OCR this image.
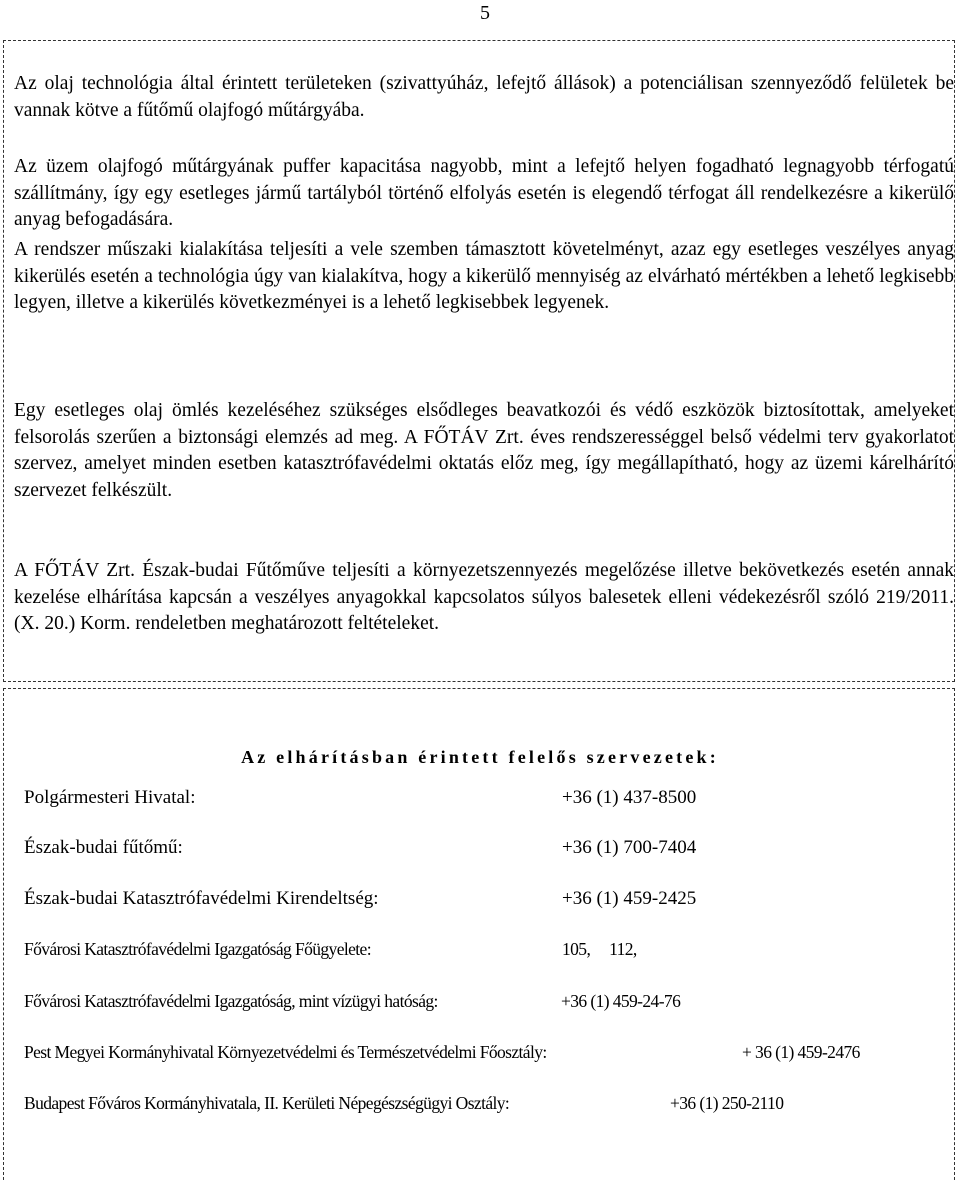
5

Az olaj technológia által érintett területeken (szivattyúház, lefejtő állások) a potenciálisan szennyeződő felületek be vannak kötve a fűtőmű olajfogó műtárgyába.

Az üzem olajfogó műtárgyának puffer kapacitása nagyobb, mint a lefejtő helyen fogadható legnagyobb térfogatú szállítmány, így egy esetleges jármű tartályból történő elfolyás esetén is elegendő térfogat áll rendelkezésre a kikerülő anyag befogadására.

A rendszer műszaki kialakítása teljesíti a vele szemben támasztott követelményt, azaz egy esetleges veszélyes anyag kikerülés esetén a technológia úgy van kialakítva, hogy a kikerülő mennyiség az elvárható mértékben a lehető legkisebb legyen, illetve a kikerülés következményei is a lehető legkisebbek legyenek.

Egy esetleges olaj ömlés kezeléséhez szükséges elsődleges beavatkozói és védő eszközök biztosítottak, amelyeket felsorolás szerűen a biztonsági elemzés ad meg. A FŐTÁV Zrt. éves rendszerességgel belső védelmi terv gyakorlatot szervez, amelyet minden esetben katasztrófavédelmi oktatás előz meg, így megállapítható, hogy az üzemi kárelhárító szervezet felkészült.

A FŐTÁV Zrt. Észak-budai Fűtőműve teljesíti a környezetszennyezés megelőzése illetve bekövetkezés esetén annak kezelése elhárítása kapcsán a veszélyes anyagokkal kapcsolatos súlyos balesetek elleni védekezésről szóló 219/2011. (X. 20.) Korm. rendeletben meghatározott feltételeket.

Az elhárításban érintett felelős szervezetek:
Polgármesteri Hivatal:	+36 (1) 437-8500
Észak-budai fűtőmű:	+36 (1) 700-7404
Észak-budai Katasztrófavédelmi Kirendeltség:	+36 (1) 459-2425
Fővárosi Katasztrófavédelmi Igazgatóság Főügyelete:	105,     112,
Fővárosi Katasztrófavédelmi Igazgatóság, mint vízügyi hatóság:	+36 (1) 459-24-76
Pest Megyei Kormányhivatal Környezetvédelmi és Természetvédelmi Főosztály:	+ 36 (1) 459-2476
Budapest Főváros Kormányhivatala, II. Kerületi Népegészségügyi Osztály:	+36 (1) 250-2110
